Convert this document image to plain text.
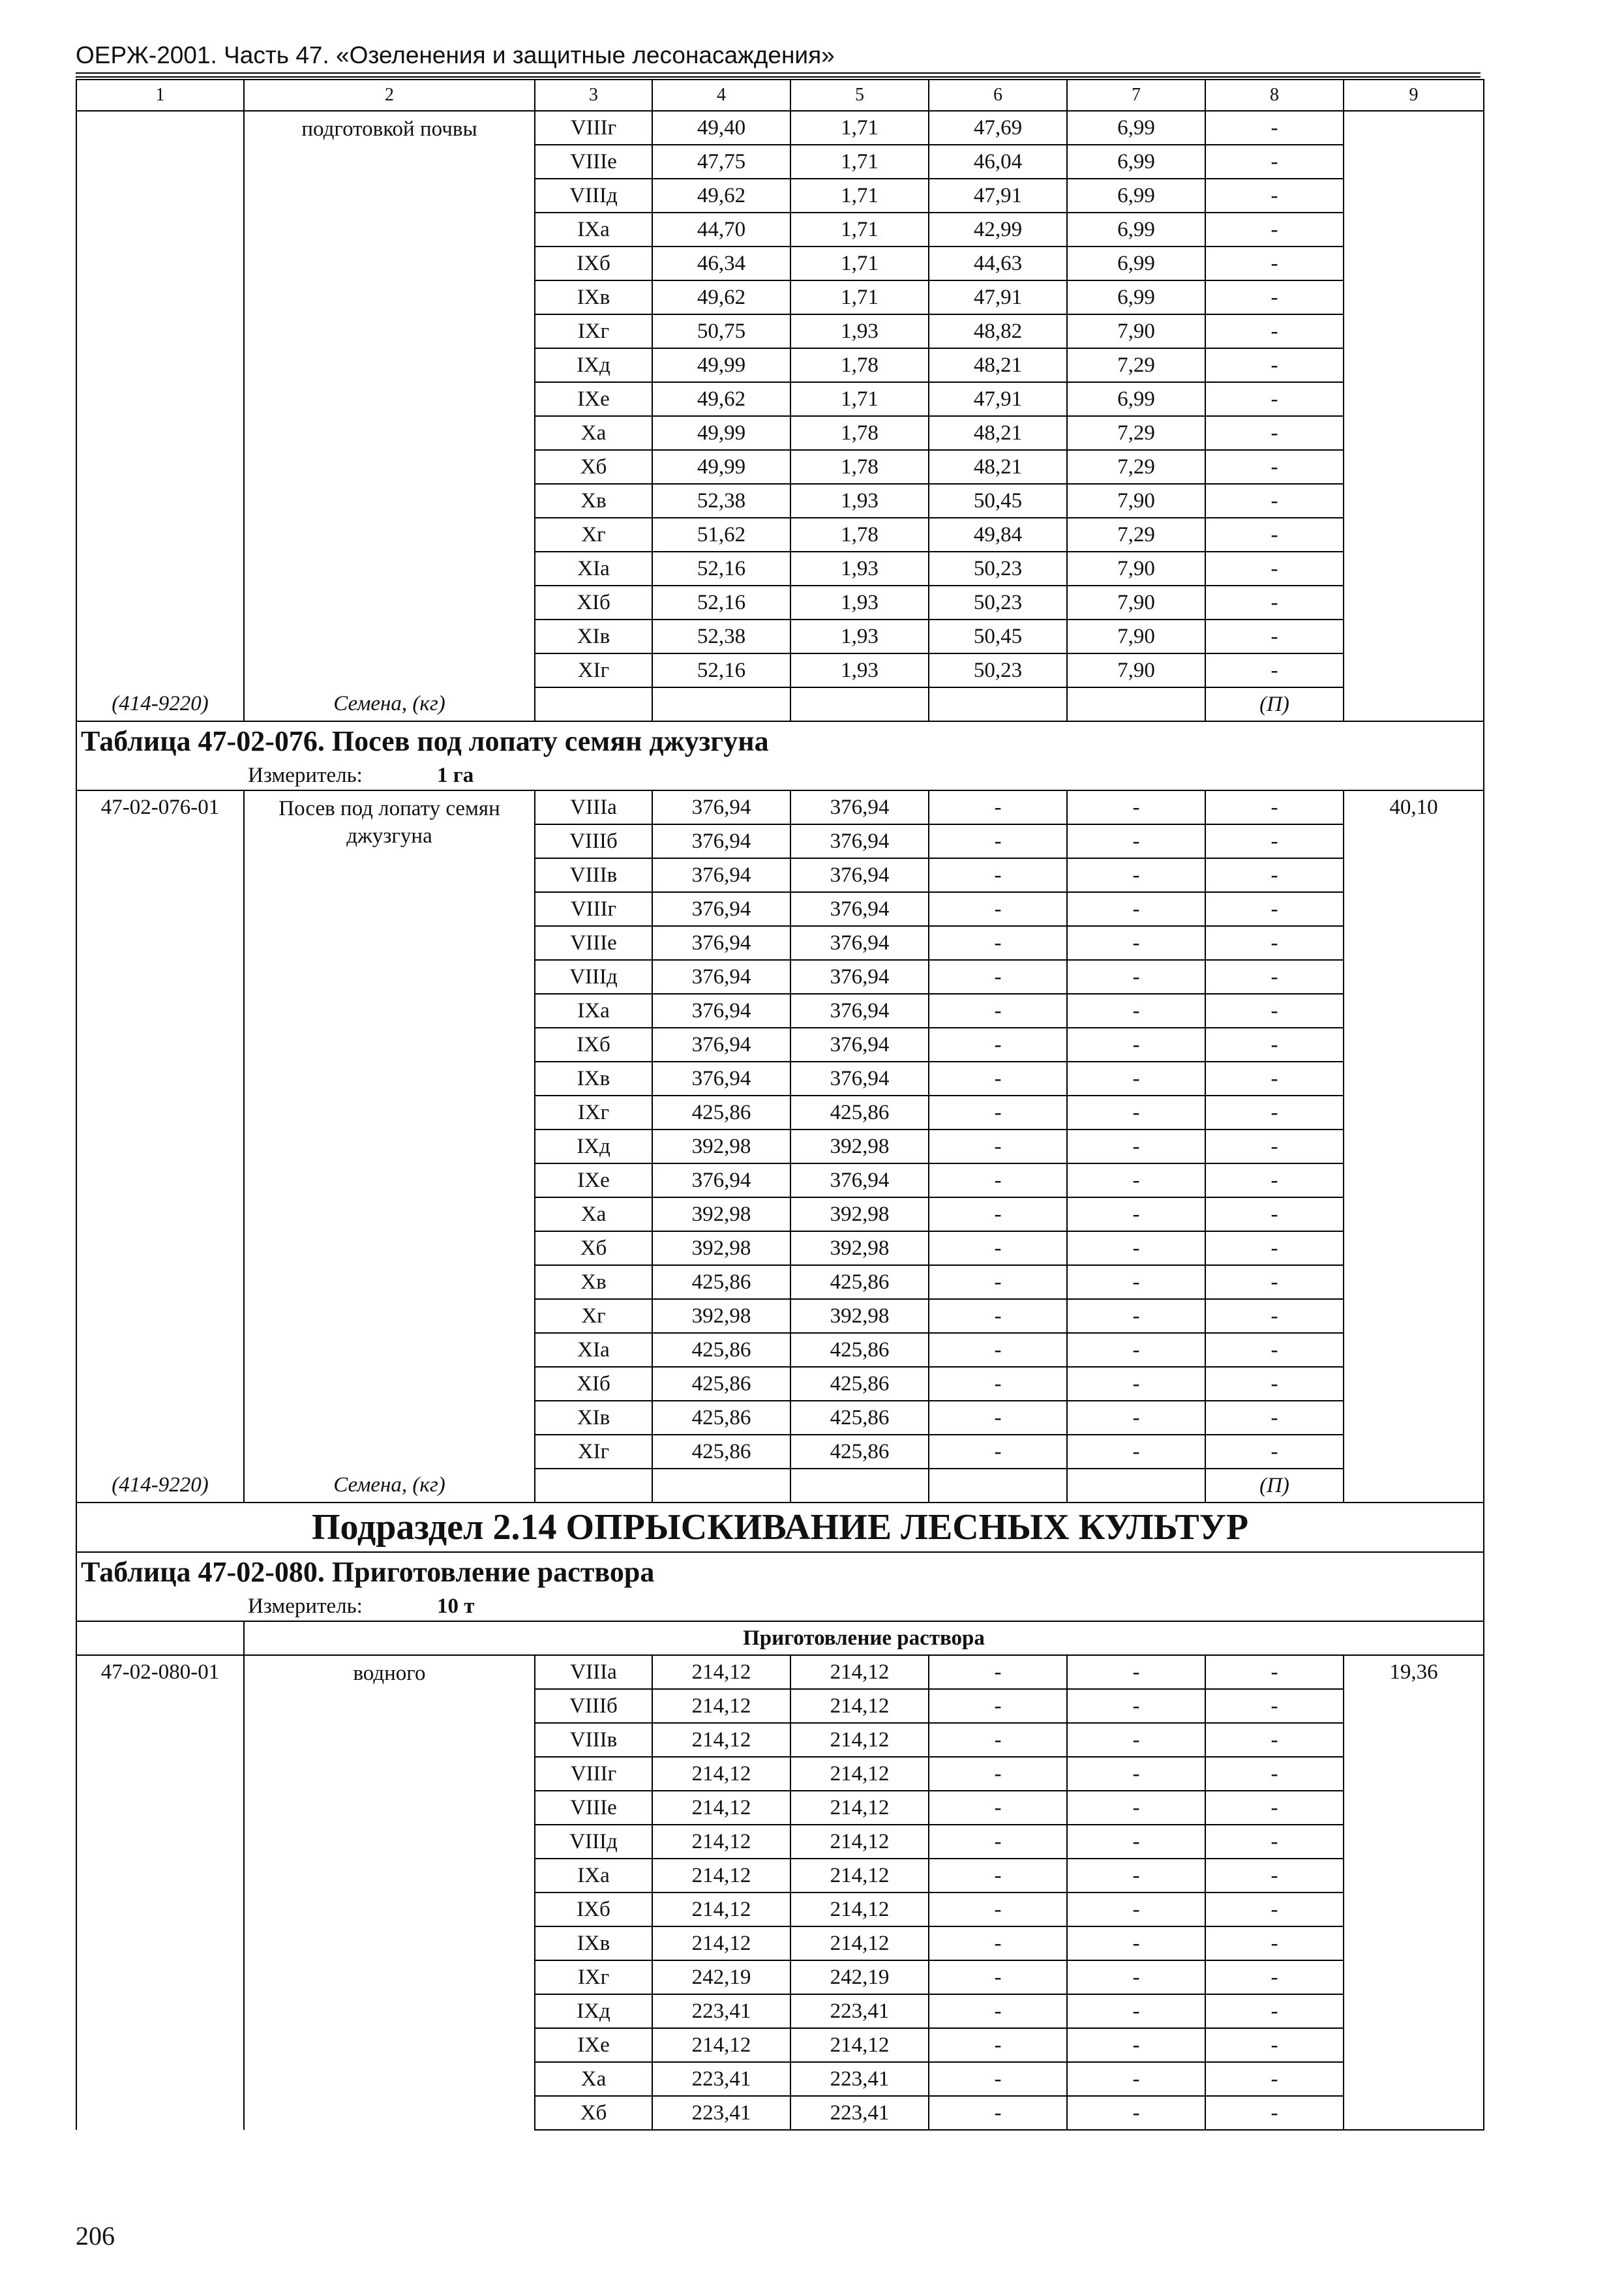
ОЕРЖ-2001. Часть 47. «Озеленения и защитные лесонасаждения»
1	2	3	4	5	6	7	8	9
	подготовкой почвы	VIIIг	49,40	1,71	47,69	6,99	-	
		VIIIе	47,75	1,71	46,04	6,99	-	
		VIIIд	49,62	1,71	47,91	6,99	-	
		IXа	44,70	1,71	42,99	6,99	-	
		IXб	46,34	1,71	44,63	6,99	-	
		IXв	49,62	1,71	47,91	6,99	-	
		IXг	50,75	1,93	48,82	7,90	-	
		IXд	49,99	1,78	48,21	7,29	-	
		IXе	49,62	1,71	47,91	6,99	-	
		Xа	49,99	1,78	48,21	7,29	-	
		Xб	49,99	1,78	48,21	7,29	-	
		Xв	52,38	1,93	50,45	7,90	-	
		Xг	51,62	1,78	49,84	7,29	-	
		XIа	52,16	1,93	50,23	7,90	-	
		XIб	52,16	1,93	50,23	7,90	-	
		XIв	52,38	1,93	50,45	7,90	-	
		XIг	52,16	1,93	50,23	7,90	-	
(414-9220)	Семена, (кг)						(П)	
Таблица 47-02-076. Посев под лопату семян джузгуна								
	Измеритель: 1 га							
47-02-076-01	Посев под лопату семян джузгуна	VIIIа	376,94	376,94	-	-	-	40,10
		VIIIб	376,94	376,94	-	-	-	
		VIIIв	376,94	376,94	-	-	-	
		VIIIг	376,94	376,94	-	-	-	
		VIIIе	376,94	376,94	-	-	-	
		VIIIд	376,94	376,94	-	-	-	
		IXа	376,94	376,94	-	-	-	
		IXб	376,94	376,94	-	-	-	
		IXв	376,94	376,94	-	-	-	
		IXг	425,86	425,86	-	-	-	
		IXд	392,98	392,98	-	-	-	
		IXе	376,94	376,94	-	-	-	
		Xа	392,98	392,98	-	-	-	
		Xб	392,98	392,98	-	-	-	
		Xв	425,86	425,86	-	-	-	
		Xг	392,98	392,98	-	-	-	
		XIа	425,86	425,86	-	-	-	
		XIб	425,86	425,86	-	-	-	
		XIв	425,86	425,86	-	-	-	
		XIг	425,86	425,86	-	-	-	
(414-9220)	Семена, (кг)						(П)	
Подраздел 2.14 ОПРЫСКИВАНИЕ ЛЕСНЫХ КУЛЬТУР								
Таблица 47-02-080. Приготовление раствора								
	Измеритель: 10 т							
	Приготовление раствора							
47-02-080-01	водного	VIIIа	214,12	214,12	-	-	-	19,36
		VIIIб	214,12	214,12	-	-	-	
		VIIIв	214,12	214,12	-	-	-	
		VIIIг	214,12	214,12	-	-	-	
		VIIIе	214,12	214,12	-	-	-	
		VIIIд	214,12	214,12	-	-	-	
		IXа	214,12	214,12	-	-	-	
		IXб	214,12	214,12	-	-	-	
		IXв	214,12	214,12	-	-	-	
		IXг	242,19	242,19	-	-	-	
		IXд	223,41	223,41	-	-	-	
		IXе	214,12	214,12	-	-	-	
		Xа	223,41	223,41	-	-	-	
		Xб	223,41	223,41	-	-	-	
206
